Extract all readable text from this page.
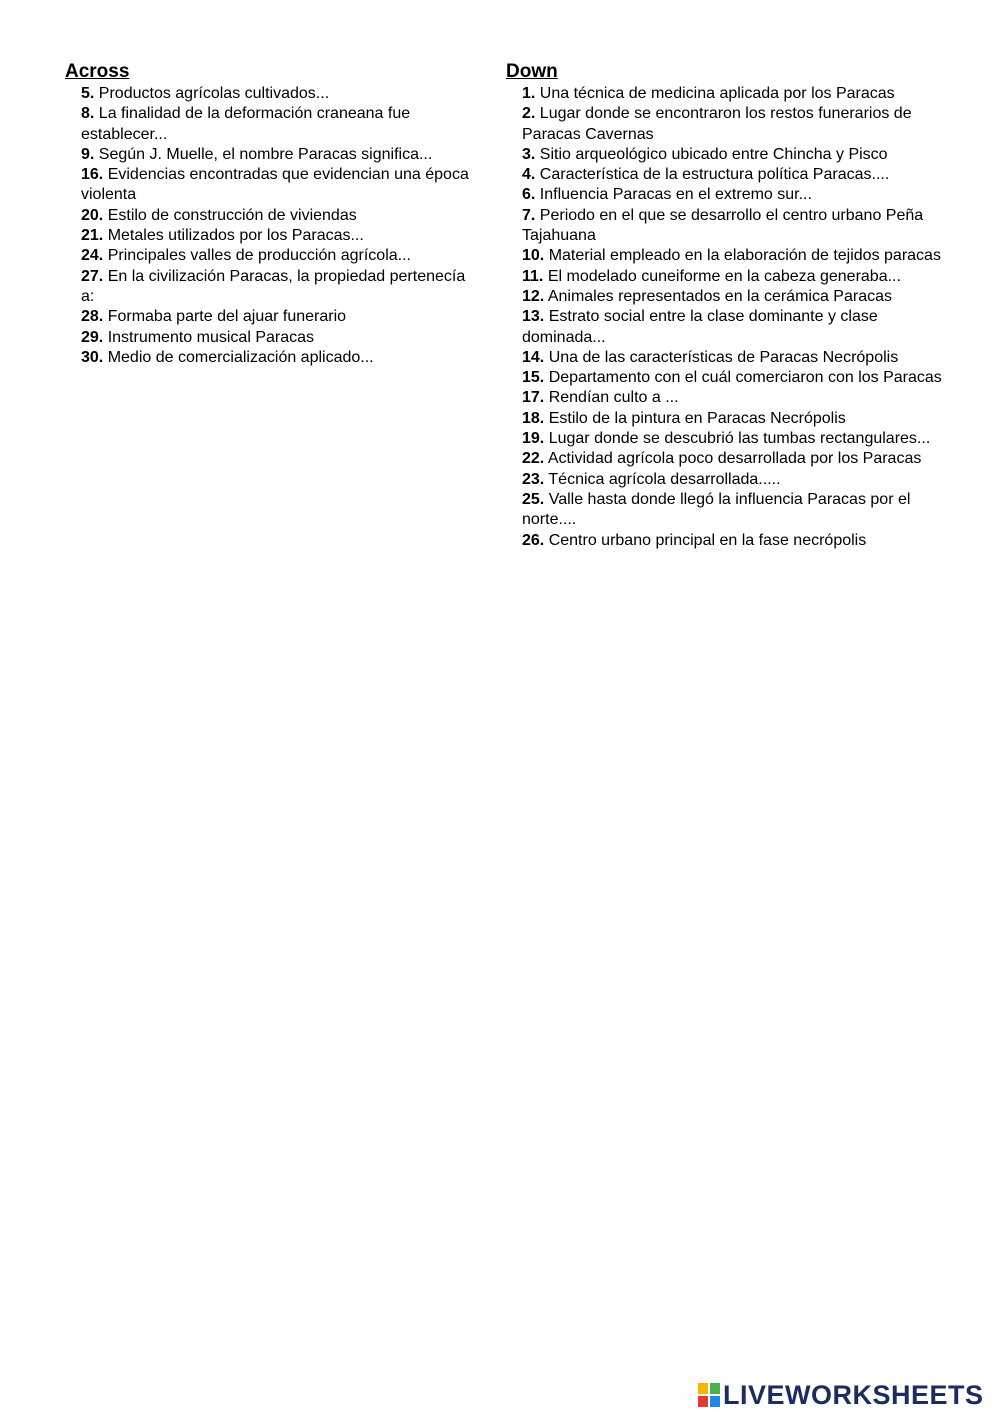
Across
5. Productos agrícolas cultivados...
8. La finalidad de la deformación craneana fue establecer...
9. Según J. Muelle, el nombre Paracas significa...
16. Evidencias encontradas que evidencian una época violenta
20. Estilo de construcción de viviendas
21. Metales utilizados por los Paracas...
24. Principales valles de producción agrícola...
27. En la civilización Paracas, la propiedad pertenecía a:
28. Formaba parte del ajuar funerario
29. Instrumento musical Paracas
30. Medio de comercialización aplicado...
Down
1. Una técnica de medicina aplicada por los Paracas
2. Lugar donde se encontraron los restos funerarios de Paracas Cavernas
3. Sitio arqueológico ubicado entre Chincha y Pisco
4. Característica de la estructura política Paracas....
6. Influencia Paracas en el extremo sur...
7. Periodo en el que se desarrollo el centro urbano Peña Tajahuana
10. Material empleado en la elaboración de tejidos paracas
11. El modelado cuneiforme en la cabeza generaba...
12. Animales representados en la cerámica Paracas
13. Estrato social entre la clase dominante y clase dominada...
14. Una de las características de Paracas Necrópolis
15. Departamento con el cuál comerciaron con los Paracas
17. Rendían culto a ...
18. Estilo de la pintura en Paracas Necrópolis
19. Lugar donde se descubrió las tumbas rectangulares...
22. Actividad agrícola poco desarrollada por los Paracas
23. Técnica agrícola desarrollada.....
25. Valle hasta donde llegó la influencia Paracas por el norte....
26. Centro urbano principal en la fase necrópolis
LIVEWORKSHEETS
